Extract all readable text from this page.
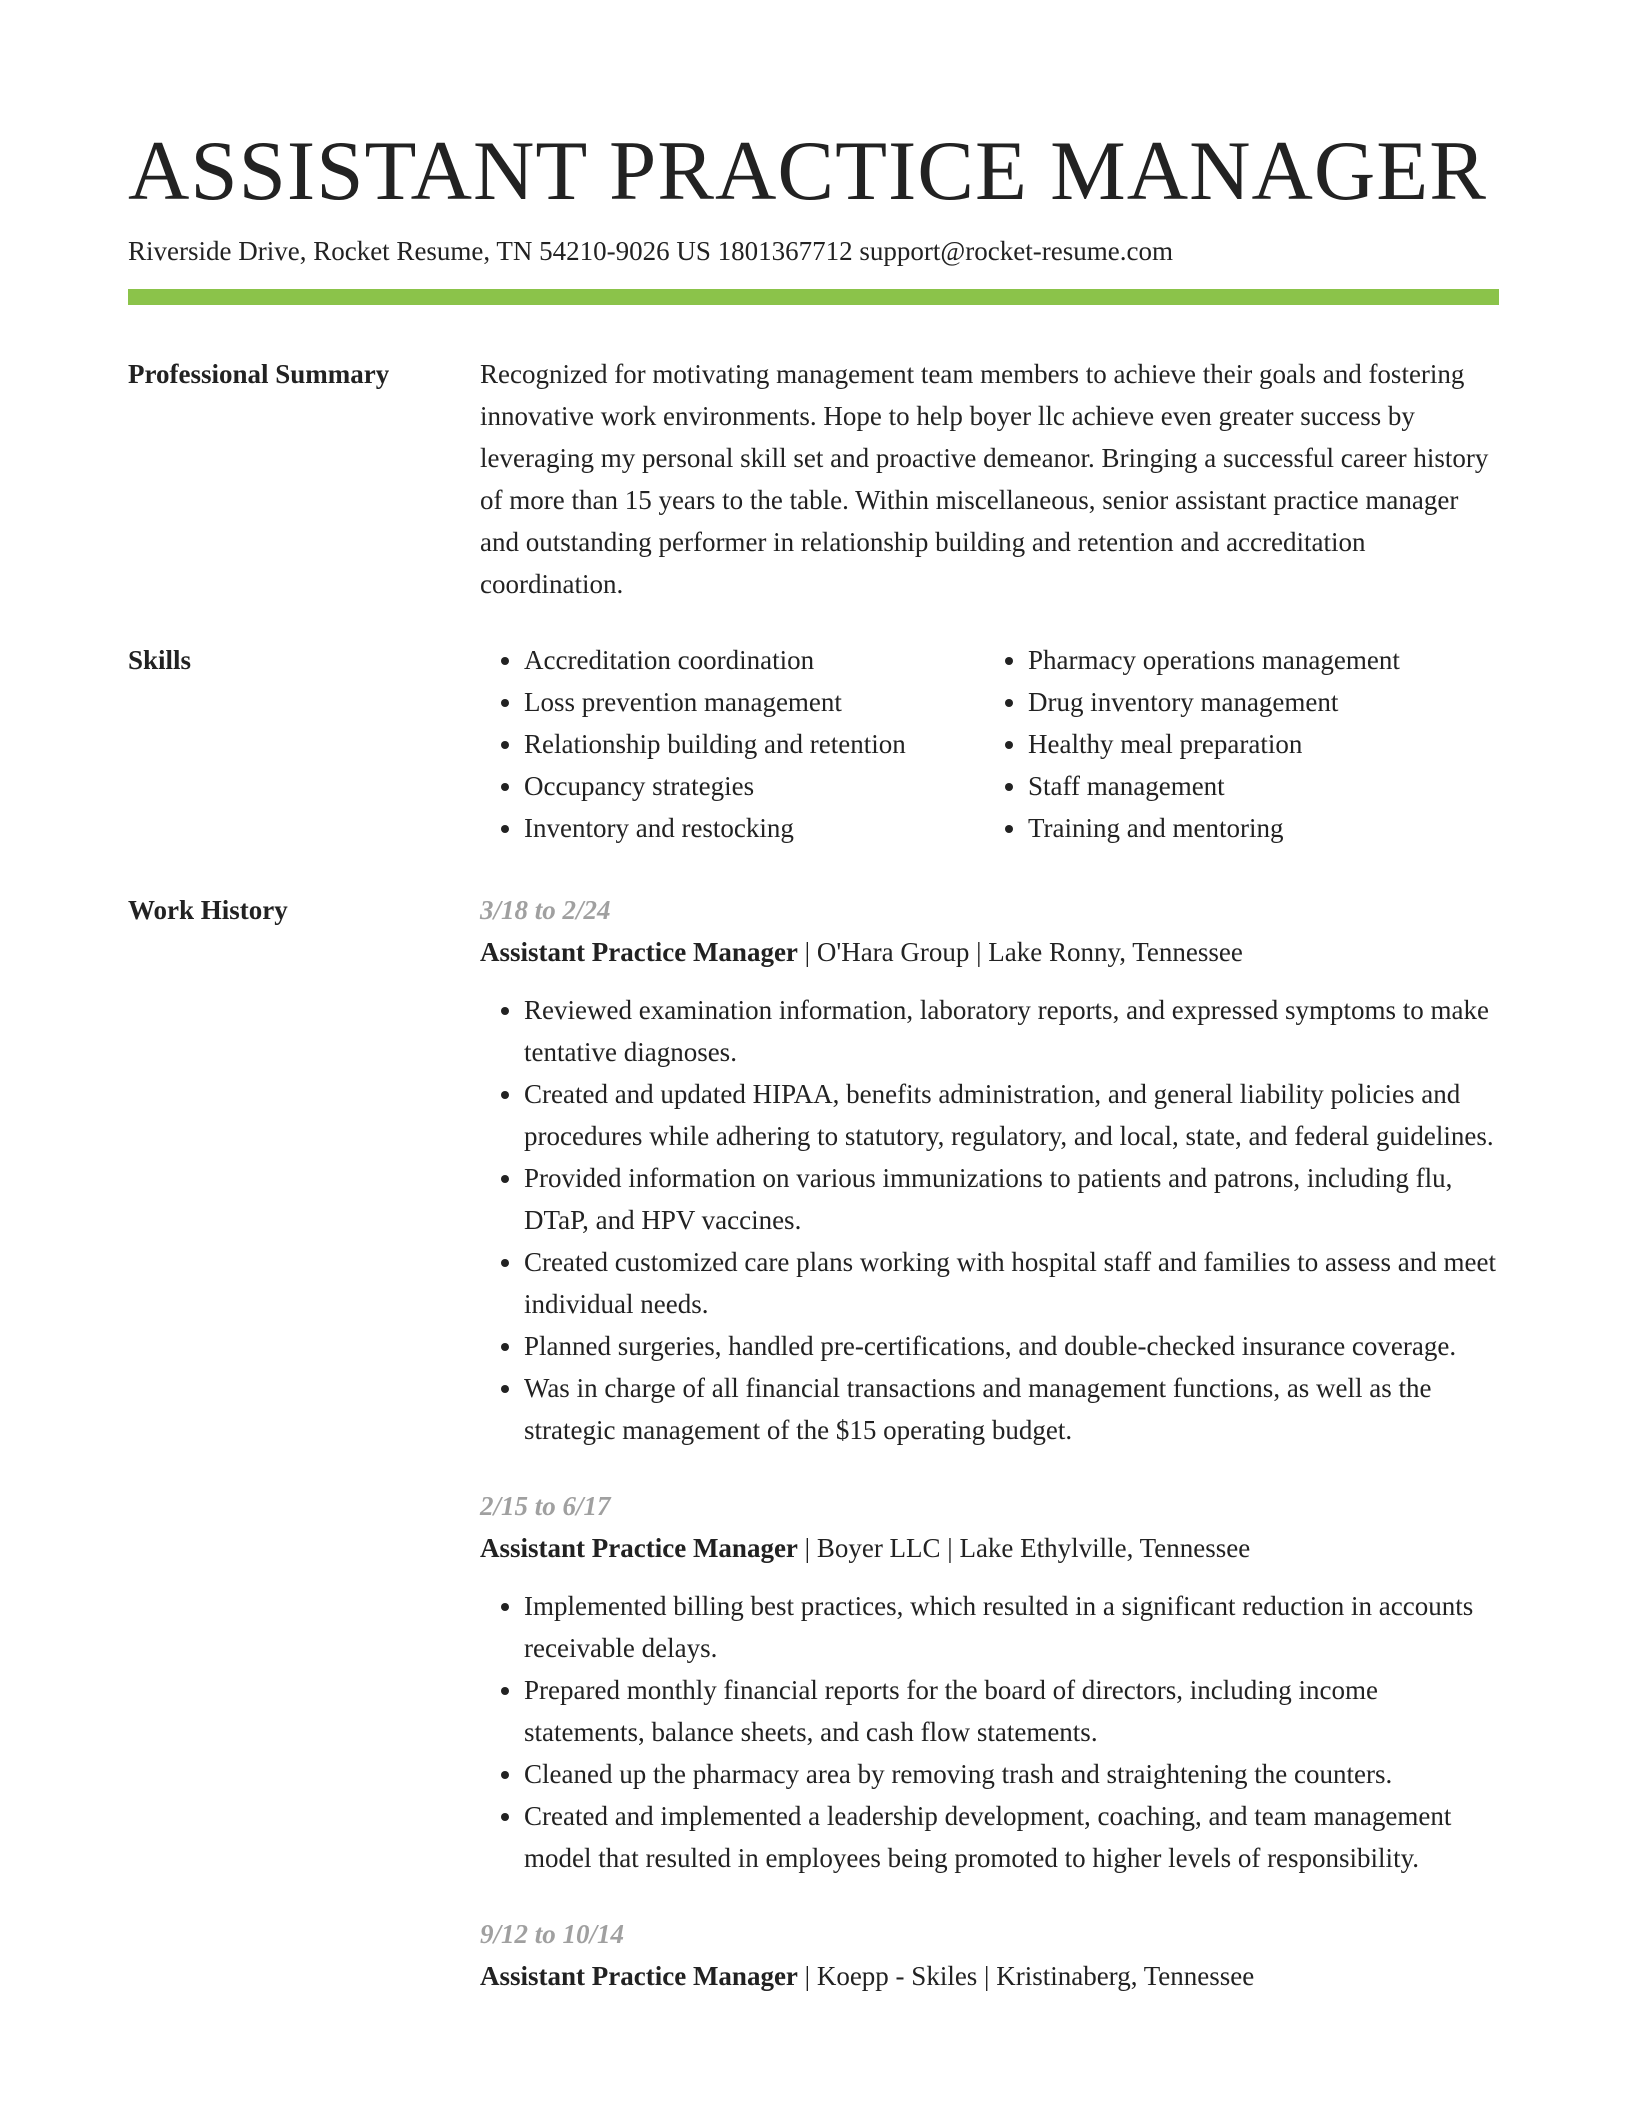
ASSISTANT PRACTICE MANAGER
Riverside Drive, Rocket Resume, TN 54210-9026 US 1801367712 support@rocket-resume.com
Professional Summary	Recognized for motivating management team members to achieve their goals and fostering innovative work environments. Hope to help boyer llc achieve even greater success by leveraging my personal skill set and proactive demeanor. Bringing a successful career history of more than 15 years to the table. Within miscellaneous, senior assistant practice manager and outstanding performer in relationship building and retention and accreditation coordination.

Skills
•	Accreditation coordination
• Loss prevention management
• Relationship building and retention
• Occupancy strategies
• Inventory and restocking
• Pharmacy operations management
• Drug inventory management
• Healthy meal preparation
• Staff management
• Training and mentoring
Work History	3/18 to 2/24
Assistant Practice Manager | O'Hara Group | Lake Ronny, Tennessee
• Reviewed examination information, laboratory reports, and expressed symptoms to make tentative diagnoses.
• Created and updated HIPAA, benefits administration, and general liability policies and procedures while adhering to statutory, regulatory, and local, state, and federal guidelines.
• Provided information on various immunizations to patients and patrons, including flu, DTaP, and HPV vaccines.
• Created customized care plans working with hospital staff and families to assess and meet individual needs.
• Planned surgeries, handled pre-certifications, and double-checked insurance coverage.
• Was in charge of all financial transactions and management functions, as well as the strategic management of the $15 operating budget.
2/15 to 6/17
Assistant Practice Manager | Boyer LLC | Lake Ethylville, Tennessee
• Implemented billing best practices, which resulted in a significant reduction in accounts receivable delays.
• Prepared monthly financial reports for the board of directors, including income statements, balance sheets, and cash flow statements.
• Cleaned up the pharmacy area by removing trash and straightening the counters.
• Created and implemented a leadership development, coaching, and team management model that resulted in employees being promoted to higher levels of responsibility.
9/12 to 10/14
Assistant Practice Manager | Koepp - Skiles | Kristinaberg, Tennessee
